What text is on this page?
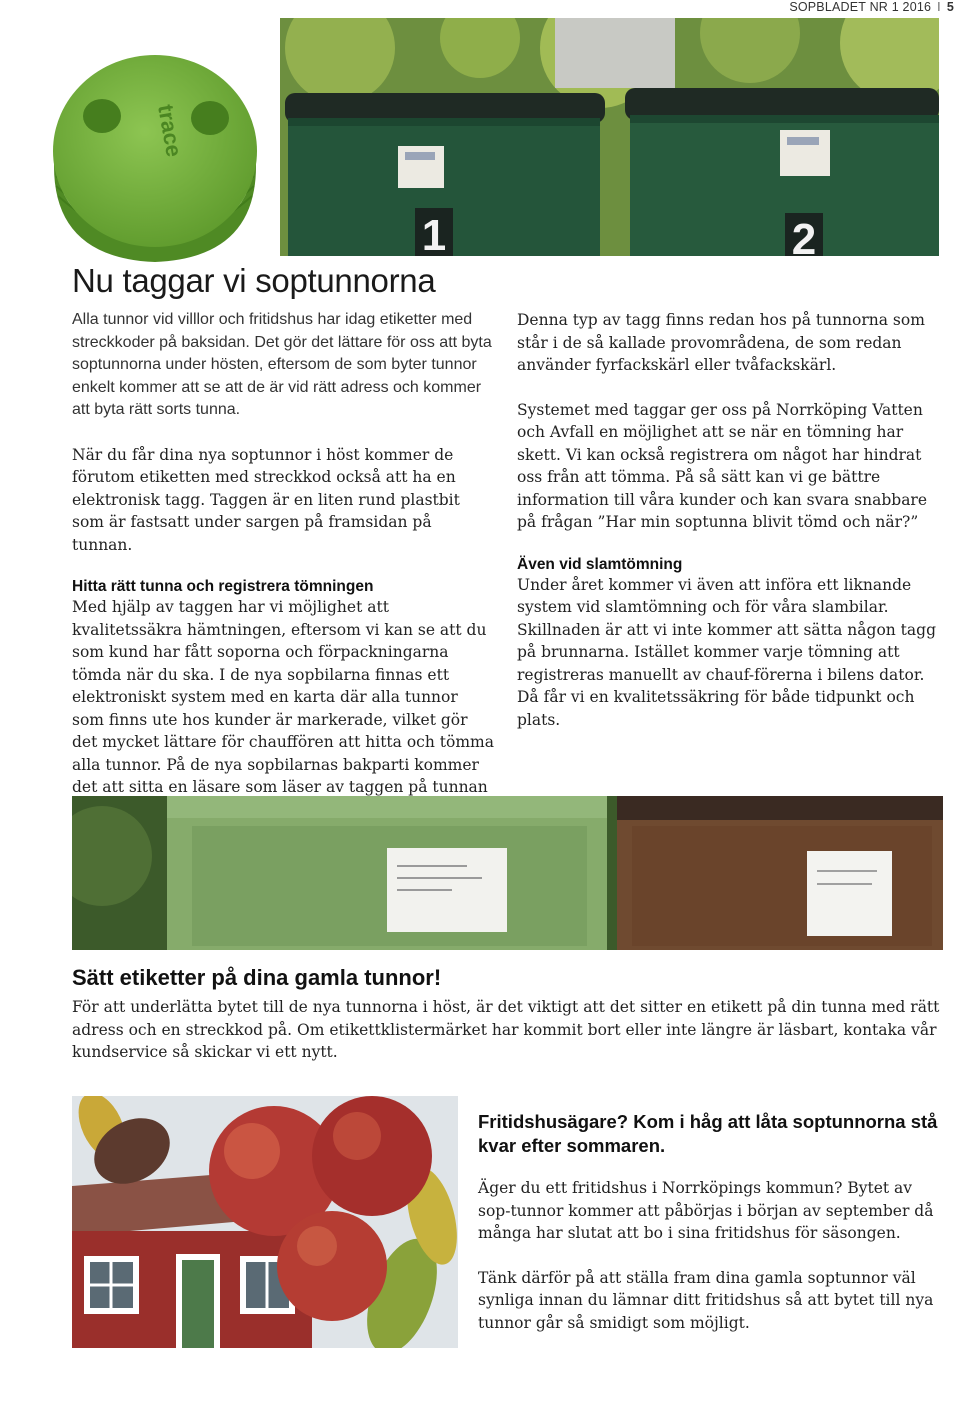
SOPBLADET NR 1 2016 I 5
trace
1	2
Nu taggar vi soptunnorna

Alla tunnor vid villlor och fritidshus har idag etiketter med streckkoder på baksidan. Det gör det lättare för oss att byta soptunnorna under hösten, eftersom de som byter tunnor enkelt kommer att se att de är vid rätt adress och kommer att byta rätt sorts tunna.

När du får dina nya soptunnor i höst kommer de förutom etiketten med streckkod också att ha en elektronisk tagg. Taggen är en liten rund plastbit som är fastsatt under sargen på framsidan på tunnan.

Hitta rätt tunna och registrera tömningen

Med hjälp av taggen har vi möjlighet att kvalitetssäkra hämtningen, eftersom vi kan se att du som kund har fått soporna och förpackningarna tömda när du ska. I de nya sopbilarna finnas ett elektroniskt system med en karta där alla tunnor som finns ute hos kunder är markerade, vilket gör det mycket lättare för chauffören att hitta och tömma alla tunnor. På de nya sopbilarnas bakparti kommer det att sitta en läsare som läser av taggen på tunnan

Denna typ av tagg finns redan hos på tunnorna som står i de så kallade provområdena, de som redan använder fyrfackskärl eller tvåfackskärl.

Systemet med taggar ger oss på Norrköping Vatten och Avfall en möjlighet att se när en tömning har skett. Vi kan också registrera om något har hindrat oss från att tömma. På så sätt kan vi ge bättre information till våra kunder och kan svara snabbare på frågan ”Har min soptunna blivit tömd och när?”

Även vid slamtömning

Under året kommer vi även att införa ett liknande system vid slamtömning och för våra slambilar. Skillnaden är att vi inte kommer att sätta någon tagg på brunnarna. Istället kommer varje tömning att registreras manuellt av chauf-förerna i bilens dator. Då får vi en kvalitetssäkring för både tidpunkt och plats.

Sätt etiketter på dina gamla tunnor!

För att underlätta bytet till de nya tunnorna i höst, är det viktigt att det sitter en etikett på din tunna med rätt adress och en streckkod på. Om etikettklistermärket har kommit bort eller inte längre är läsbart, kontaka vår kundservice så skickar vi ett nytt.

Fritidshusägare? Kom i håg att låta soptunnorna stå kvar efter sommaren.

Äger du ett fritidshus i Norrköpings kommun? Bytet av sop-tunnor kommer att påbörjas i början av september då många har slutat att bo i sina fritidshus för säsongen.

Tänk därför på att ställa fram dina gamla soptunnor väl synliga innan du lämnar ditt fritidshus så att bytet till nya tunnor går så smidigt som möjligt.
